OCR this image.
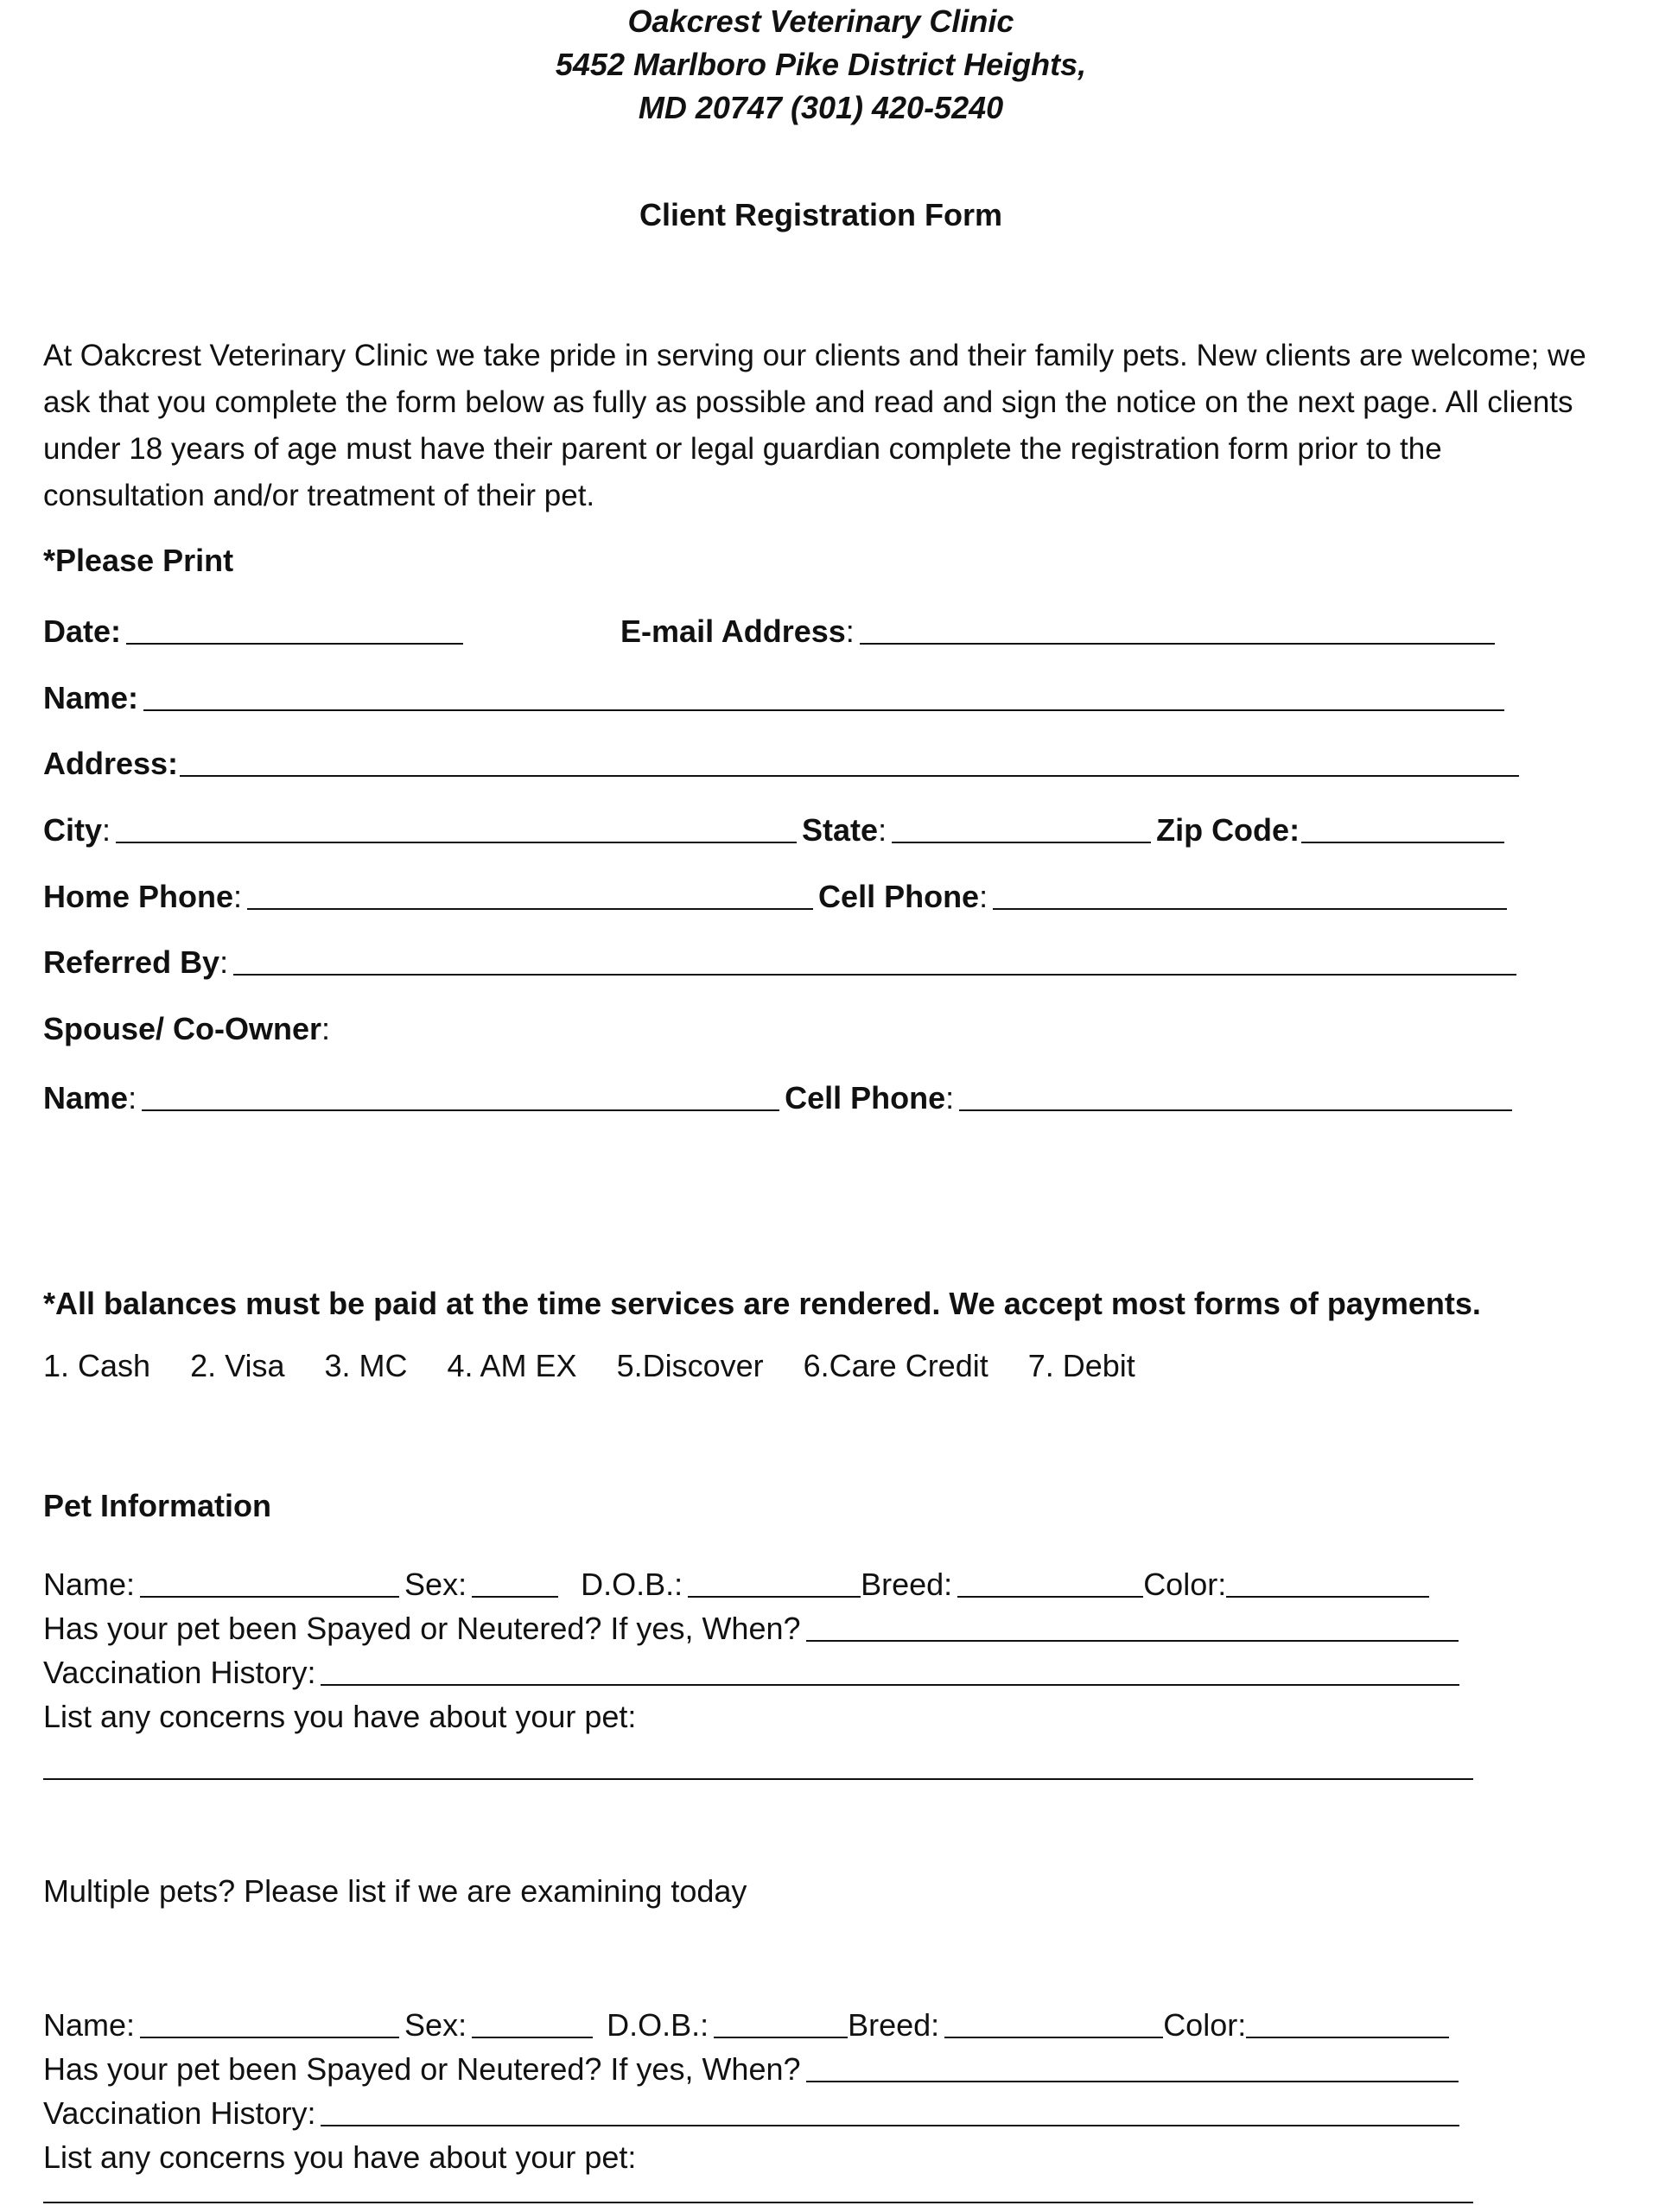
Oakcrest Veterinary Clinic
5452 Marlboro Pike District Heights,
MD 20747 (301) 420-5240
Client Registration Form
At Oakcrest Veterinary Clinic we take pride in serving our clients and their family pets. New clients are welcome; we ask that you complete the form below as fully as possible and read and sign the notice on the next page. All clients under 18 years of age must have their parent or legal guardian complete the registration form prior to the consultation and/or treatment of their pet.
*Please Print
Date:	E-mail Address :
Name:
Address:
City :	State :	Zip Code:
Home Phone :	Cell Phone :
Referred By :
Spouse/ Co-Owner :
Name :	Cell Phone :
*All balances must be paid at the time services are rendered. We accept most forms of payments.
1. Cash 2. Visa 3. MC 4. AM EX 5.Discover 6.Care Credit 7. Debit
Pet Information
Name:	Sex:	D.O.B.:	Breed:	Color:
Has your pet been Spayed or Neutered? If yes, When?
Vaccination History:
List any concerns you have about your pet:
Multiple pets? Please list if we are examining today
Name:	Sex:	D.O.B.:	Breed:	Color:
Has your pet been Spayed or Neutered? If yes, When?
Vaccination History:
List any concerns you have about your pet:
